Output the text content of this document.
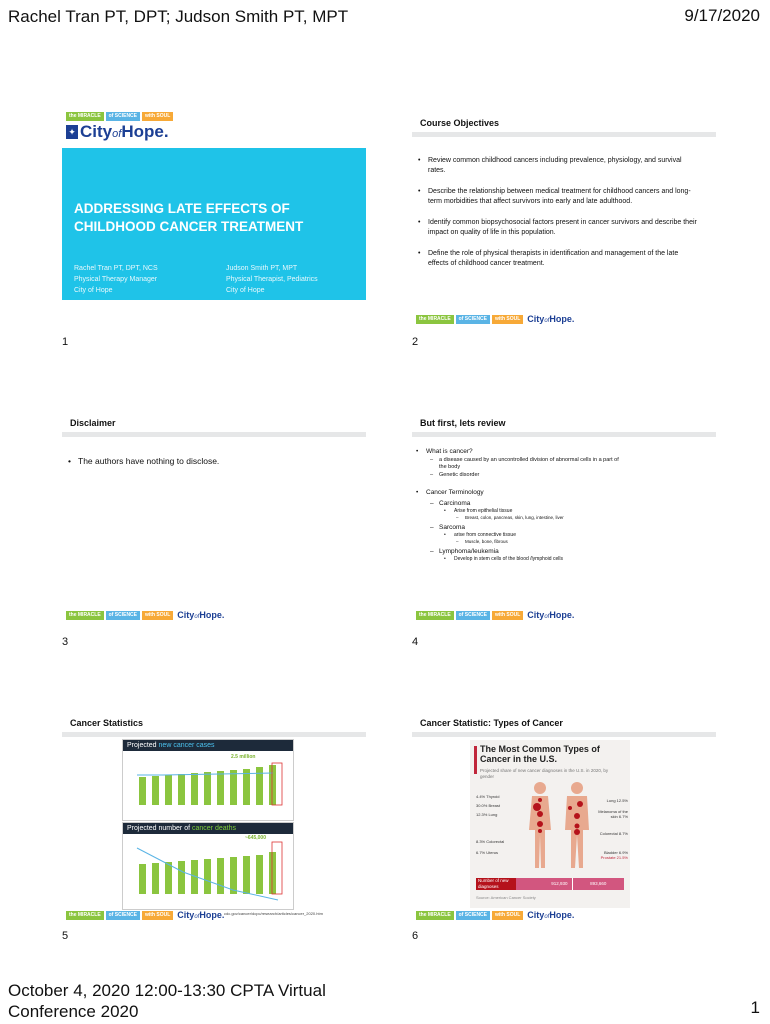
Rachel Tran PT, DPT; Judson Smith PT, MPT	9/17/2020
October 4, 2020 12:00-13:30 CPTA Virtual Conference 2020	1
the MIRACLE	of SCIENCE	with SOUL
✦ CityofHope.
ADDRESSING LATE EFFECTS OF CHILDHOOD CANCER TREATMENT
Rachel Tran PT, DPT, NCS
Physical Therapy Manager
City of Hope
Judson Smith PT, MPT
Physical Therapist, Pediatrics
City of Hope
1
Course Objectives
• Review common childhood cancers including prevalence, physiology, and survival rates.
• Describe the relationship between medical treatment for childhood cancers and long-term morbidities that affect survivors into early and late adulthood.
• Identify common biopsychosocial factors present in cancer survivors and describe their impact on quality of life in this population.
• Define the role of physical therapists in identification and management of the late effects of childhood cancer treatment.
the MIRACLE	of SCIENCE	with SOUL CityofHope.
2
Disclaimer
• The authors have nothing to disclose.
the MIRACLE	of SCIENCE	with SOUL CityofHope.
3
But first, lets review
• What is cancer?
– a disease caused by an uncontrolled division of abnormal cells in a part of the body
– Genetic disorder
• Cancer Terminology
– Carcinoma
• Arise from epithelial tissue
– Breast, colon, pancreas, skin, lung, intestine, liver
– Sarcoma
• arise from connective tissue
– Muscle, bone, fibrous
– Lymphoma/leukemia
• Develop in stem cells of the blood /lymphoid cells
the MIRACLE	of SCIENCE	with SOUL CityofHope.
4
Cancer Statistics
Projected new cancer cases
2.5 million
Projected number of cancer deaths
~645,000
the MIRACLE	of SCIENCE	with SOUL CityofHope. cdc.gov/cancer/dcpc/research/articles/cancer_2020.htm
5
Cancer Statistic: Types of Cancer
The Most Common Types of Cancer in the U.S.
Projected share of new cancer diagnoses in the U.S. in 2020, by gender
4.4% Thyroid
30.0% Breast
12.3% Lung
8.3% Colorectal
6.7% Uterus
Lung 12.5%
Melanoma of the skin 6.7%
Colorectal 8.7%
Bladder 6.9%
Prostate 21.5%
Number of new diagnoses
912,930	893,660
Source: American Cancer Society
the MIRACLE	of SCIENCE	with SOUL CityofHope.
6
